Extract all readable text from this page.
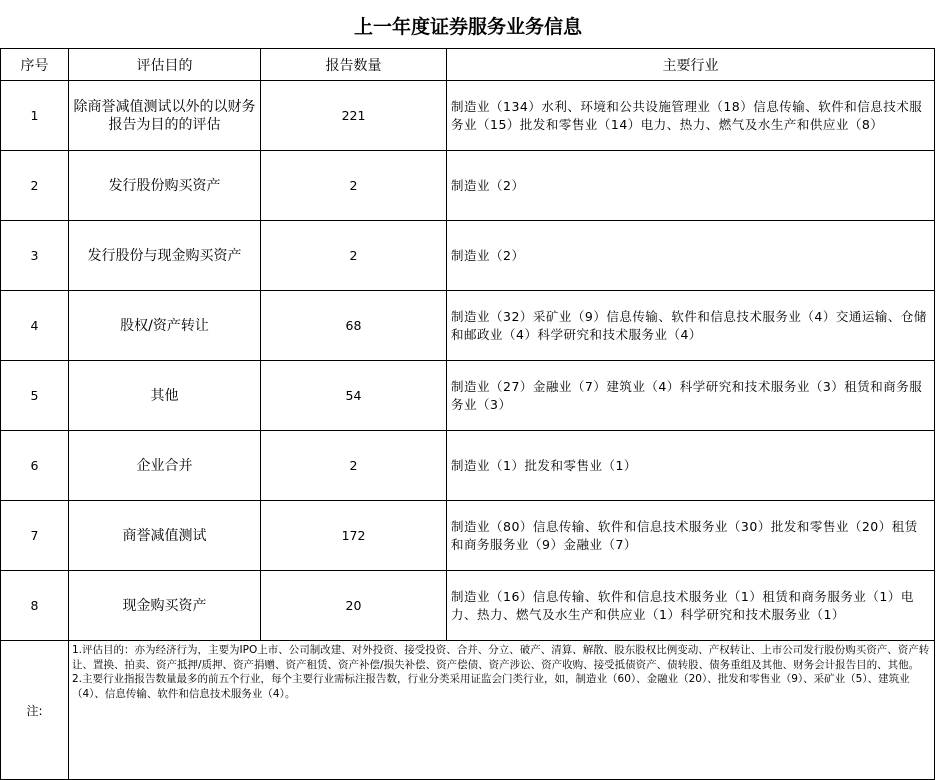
上一年度证券服务业务信息
序号	评估目的	报告数量	主要行业
1	除商誉减值测试以外的以财务报告为目的的评估	221	制造业（134）水利、环境和公共设施管理业（18）信息传输、软件和信息技术服务业（15）批发和零售业（14）电力、热力、燃气及水生产和供应业（8）
2	发行股份购买资产	2	制造业（2）
3	发行股份与现金购买资产	2	制造业（2）
4	股权/资产转让	68	制造业（32）采矿业（9）信息传输、软件和信息技术服务业（4）交通运输、仓储和邮政业（4）科学研究和技术服务业（4）
5	其他	54	制造业（27）金融业（7）建筑业（4）科学研究和技术服务业（3）租赁和商务服务业（3）
6	企业合并	2	制造业（1）批发和零售业（1）
7	商誉减值测试	172	制造业（80）信息传输、软件和信息技术服务业（30）批发和零售业（20）租赁和商务服务业（9）金融业（7）
8	现金购买资产	20	制造业（16）信息传输、软件和信息技术服务业（1）租赁和商务服务业（1）电力、热力、燃气及水生产和供应业（1）科学研究和技术服务业（1）
注:	1.评估目的：亦为经济行为，主要为IPO上市、公司制改建、对外投资、接受投资、合并、分立、破产、清算、解散、股东股权比例变动、产权转让、上市公司发行股份购买资产、资产转让、置换、拍卖、资产抵押/质押、资产捐赠、资产租赁、资产补偿/损失补偿、资产偿债、资产涉讼、资产收购、接受抵债资产、债转股、债务重组及其他、财务会计报告目的、其他。
2.主要行业指报告数量最多的前五个行业，每个主要行业需标注报告数，行业分类采用证监会门类行业，如，制造业（60）、金融业（20）、批发和零售业（9）、采矿业（5）、建筑业（4）、信息传输、软件和信息技术服务业（4）。		
